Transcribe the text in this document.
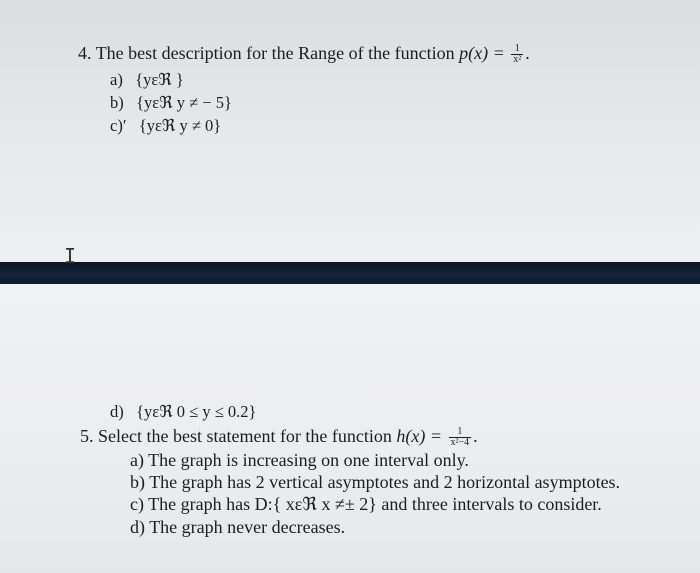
4. The best description for the Range of the function $p(x) = \frac{1}{\text{x²}}$ .
a) {yεℜ }
b) {yεℜ y ≠ − 5}
c)′ {yεℜ y ≠ 0}
I
d) {yεℜ 0 ≤ y ≤ 0.2}
5. Select the best statement for the function $h(x) = \frac{1}{\text{x²−4}}$ .
a) The graph is increasing on one interval only.
b) The graph has 2 vertical asymptotes and 2 horizontal asymptotes.
c) The graph has D:{ xεℜ x ≠± 2} and three intervals to consider.
d) The graph never decreases.
